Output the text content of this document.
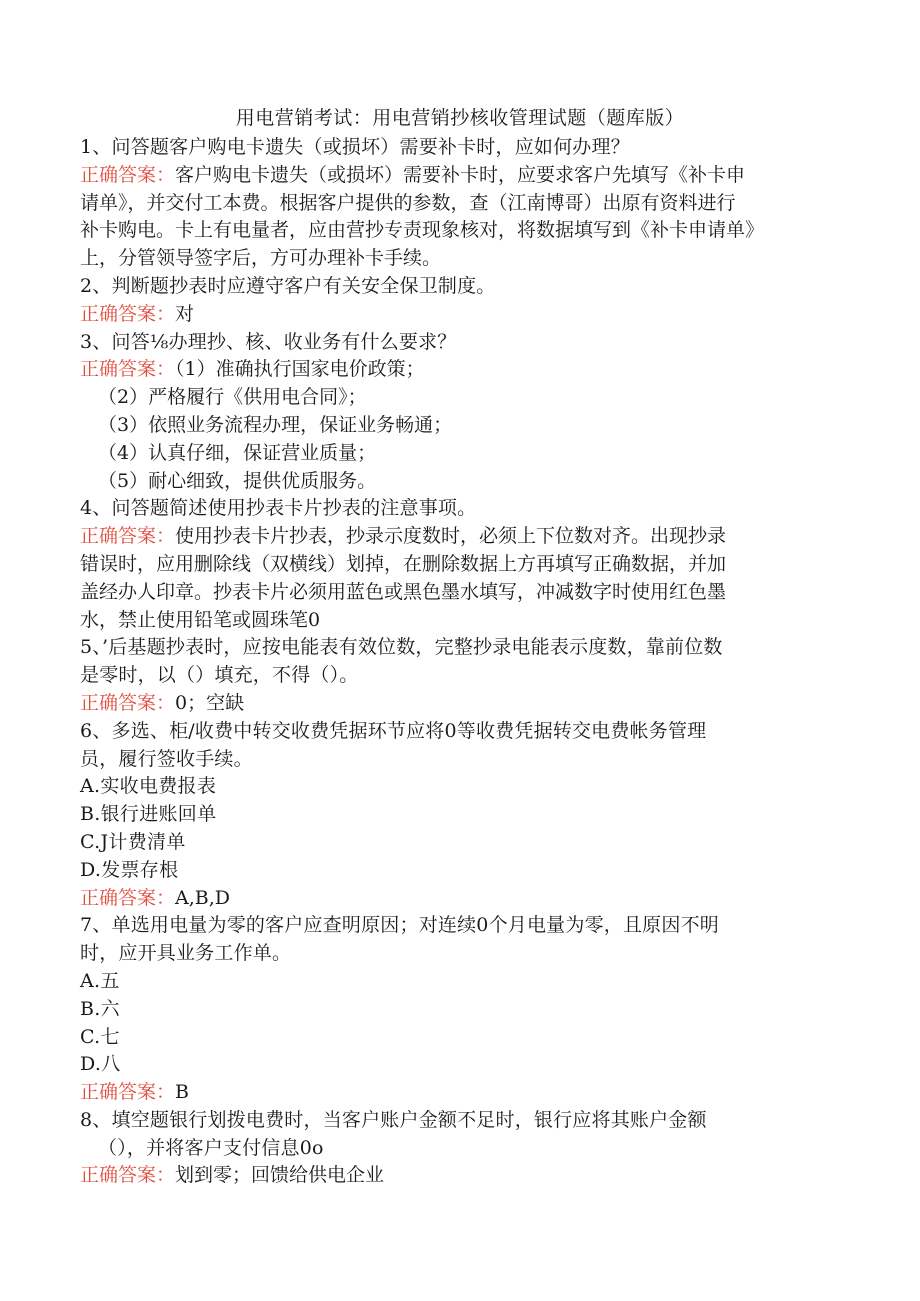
用电营销考试：用电营销抄核收管理试题（题库版）

1、问答题客户购电卡遗失（或损坏）需要补卡时，应如何办理？

正确答案：客户购电卡遗失（或损坏）需要补卡时，应要求客户先填写《补卡申

请单》，并交付工本费。根据客户提供的参数，查（江南博哥）出原有资料进行

补卡购电。卡上有电量者，应由营抄专责现象核对，将数据填写到《补卡申请单》

上，分管领导签字后，方可办理补卡手续。

2、判断题抄表时应遵守客户有关安全保卫制度。

正确答案：对

3、问答⅛办理抄、核、收业务有什么要求？

正确答案：（1）准确执行国家电价政策；

（2）严格履行《供用电合同》；

（3）依照业务流程办理，保证业务畅通；

（4）认真仔细，保证营业质量；

（5）耐心细致，提供优质服务。

4、问答题简述使用抄表卡片抄表的注意事项。

正确答案：使用抄表卡片抄表，抄录示度数时，必须上下位数对齐。出现抄录

错误时，应用删除线（双横线）划掉，在删除数据上方再填写正确数据，并加

盖经办人印章。抄表卡片必须用蓝色或黑色墨水填写，冲减数字时使用红色墨

水，禁止使用铅笔或圆珠笔0

5、’后基题抄表时，应按电能表有效位数，完整抄录电能表示度数，靠前位数

是零时，以（）填充，不得（）。

正确答案：0；空缺

6、多选、柜/收费中转交收费凭据环节应将0等收费凭据转交电费帐务管理

员，履行签收手续。

A.实收电费报表

B.银行进账回单

C.J计费清单

D.发票存根

正确答案：A,B,D

7、单选用电量为零的客户应查明原因；对连续0个月电量为零，且原因不明

时，应开具业务工作单。

A.五

B.六

C.七

D.八

正确答案：B

8、填空题银行划拨电费时，当客户账户金额不足时，银行应将其账户金额

（），并将客户支付信息0o

正确答案：划到零；回馈给供电企业
